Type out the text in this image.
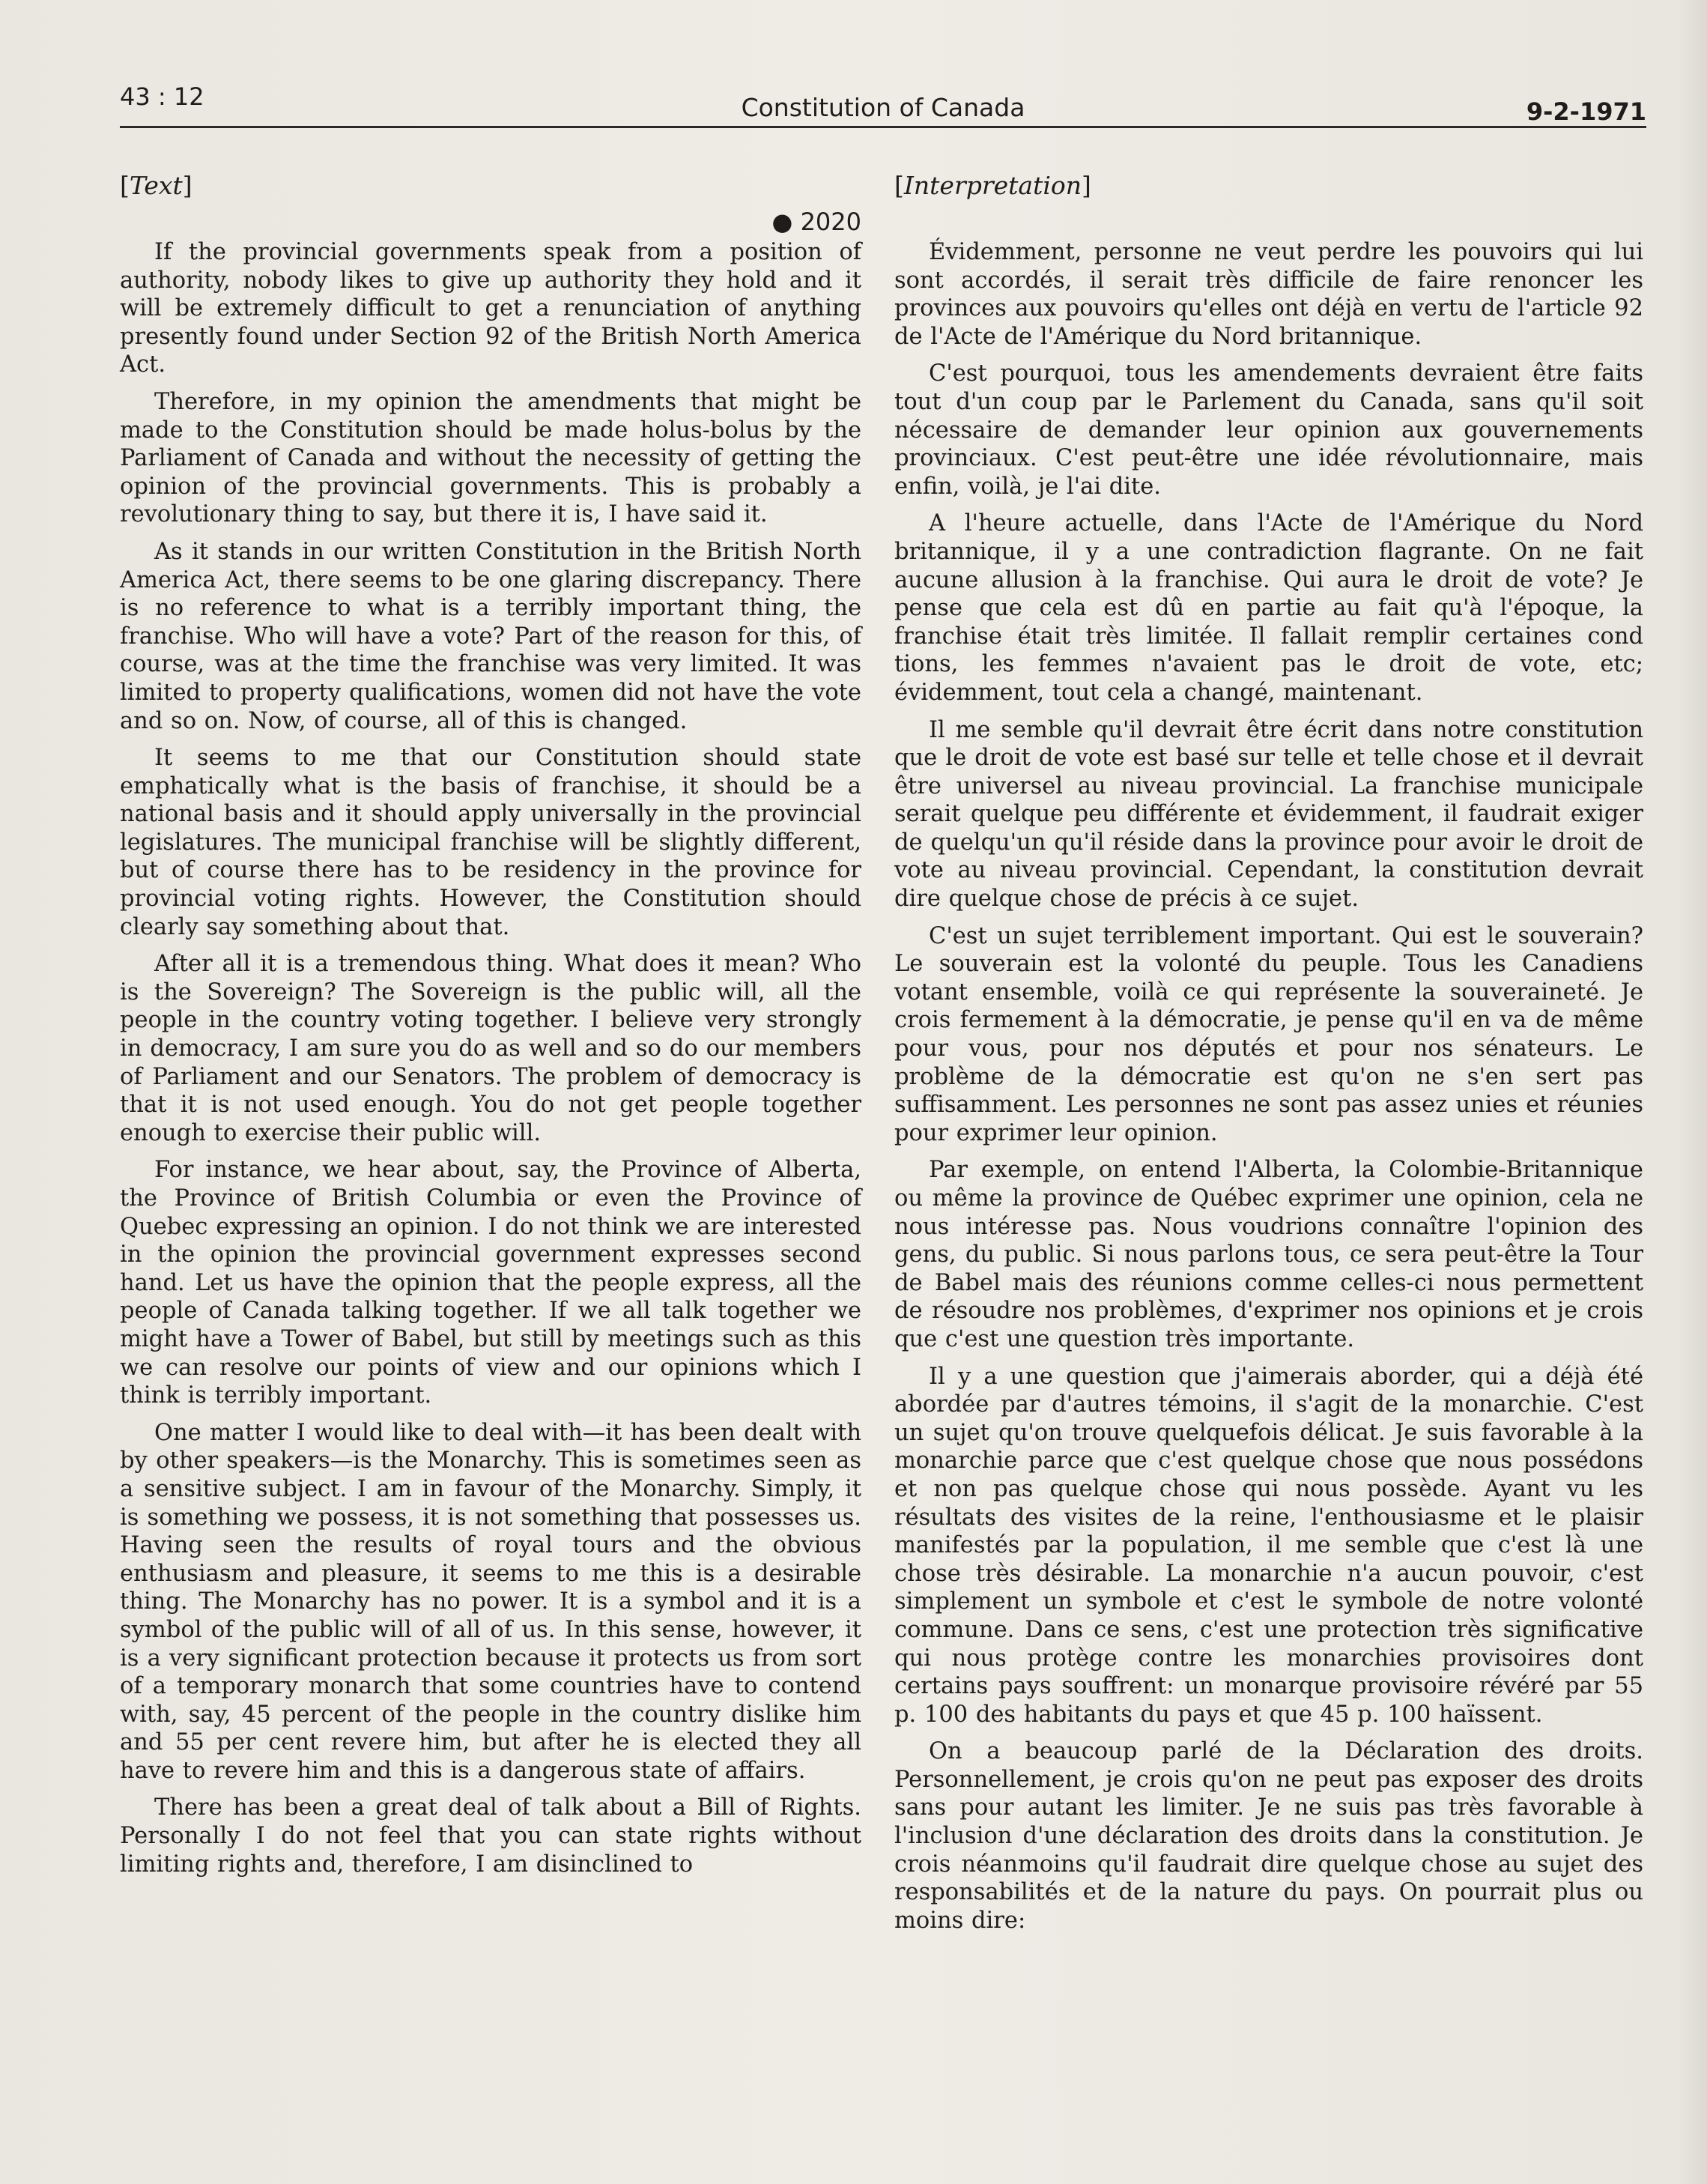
43 : 12	Constitution of Canada	9-2-1971
[Text]
● 2020

If the provincial governments speak from a position of authority, nobody likes to give up authority they hold and it will be extremely difficult to get a renunciation of anything presently found under Section 92 of the British North America Act.

Therefore, in my opinion the amendments that might be made to the Constitution should be made holus-bolus by the Parliament of Canada and without the necessity of getting the opinion of the provincial governments. This is probably a revolutionary thing to say, but there it is, I have said it.

As it stands in our written Constitution in the British North America Act, there seems to be one glaring discrepancy. There is no reference to what is a terribly important thing, the franchise. Who will have a vote? Part of the reason for this, of course, was at the time the franchise was very limited. It was limited to property qualifications, women did not have the vote and so on. Now, of course, all of this is changed.

It seems to me that our Constitution should state emphatically what is the basis of franchise, it should be a national basis and it should apply universally in the provincial legislatures. The municipal franchise will be slightly different, but of course there has to be residency in the province for provincial voting rights. However, the Constitution should clearly say something about that.

After all it is a tremendous thing. What does it mean? Who is the Sovereign? The Sovereign is the public will, all the people in the country voting together. I believe very strongly in democracy, I am sure you do as well and so do our members of Parliament and our Senators. The problem of democracy is that it is not used enough. You do not get people together enough to exercise their public will.

For instance, we hear about, say, the Province of Alberta, the Province of British Columbia or even the Province of Quebec expressing an opinion. I do not think we are interested in the opinion the provincial government expresses second hand. Let us have the opinion that the people express, all the people of Canada talking together. If we all talk together we might have a Tower of Babel, but still by meetings such as this we can resolve our points of view and our opinions which I think is terribly important.

One matter I would like to deal with—it has been dealt with by other speakers—is the Monarchy. This is sometimes seen as a sensitive subject. I am in favour of the Monarchy. Simply, it is something we possess, it is not something that possesses us. Having seen the results of royal tours and the obvious enthusiasm and pleasure, it seems to me this is a desirable thing. The Monarchy has no power. It is a symbol and it is a symbol of the public will of all of us. In this sense, however, it is a very significant protection because it protects us from sort of a temporary monarch that some countries have to contend with, say, 45 percent of the people in the country dislike him and 55 per cent revere him, but after he is elected they all have to revere him and this is a dangerous state of affairs.

There has been a great deal of talk about a Bill of Rights. Personally I do not feel that you can state rights without limiting rights and, therefore, I am disinclined to

[Interpretation]

Évidemment, personne ne veut perdre les pouvoirs qui lui sont accordés, il serait très difficile de faire renoncer les provinces aux pouvoirs qu'elles ont déjà en vertu de l'article 92 de l'Acte de l'Amérique du Nord britannique.

C'est pourquoi, tous les amendements devraient être faits tout d'un coup par le Parlement du Canada, sans qu'il soit nécessaire de demander leur opinion aux gouvernements provinciaux. C'est peut-être une idée révolutionnaire, mais enfin, voilà, je l'ai dite.

A l'heure actuelle, dans l'Acte de l'Amérique du Nord britannique, il y a une contradiction flagrante. On ne fait aucune allusion à la franchise. Qui aura le droit de vote? Je pense que cela est dû en partie au fait qu'à l'époque, la franchise était très limitée. Il fallait remplir certaines cond tions, les femmes n'avaient pas le droit de vote, etc; évidemment, tout cela a changé, maintenant.

Il me semble qu'il devrait être écrit dans notre constitution que le droit de vote est basé sur telle et telle chose et il devrait être universel au niveau provincial. La franchise municipale serait quelque peu différente et évidemment, il faudrait exiger de quelqu'un qu'il réside dans la province pour avoir le droit de vote au niveau provincial. Cependant, la constitution devrait dire quelque chose de précis à ce sujet.

C'est un sujet terriblement important. Qui est le souverain? Le souverain est la volonté du peuple. Tous les Canadiens votant ensemble, voilà ce qui représente la souveraineté. Je crois fermement à la démocratie, je pense qu'il en va de même pour vous, pour nos députés et pour nos sénateurs. Le problème de la démocratie est qu'on ne s'en sert pas suffisamment. Les personnes ne sont pas assez unies et réunies pour exprimer leur opinion.

Par exemple, on entend l'Alberta, la Colombie-Britannique ou même la province de Québec exprimer une opinion, cela ne nous intéresse pas. Nous voudrions connaître l'opinion des gens, du public. Si nous parlons tous, ce sera peut-être la Tour de Babel mais des réunions comme celles-ci nous permettent de résoudre nos problèmes, d'exprimer nos opinions et je crois que c'est une question très importante.

Il y a une question que j'aimerais aborder, qui a déjà été abordée par d'autres témoins, il s'agit de la monarchie. C'est un sujet qu'on trouve quelquefois délicat. Je suis favorable à la monarchie parce que c'est quelque chose que nous possédons et non pas quelque chose qui nous possède. Ayant vu les résultats des visites de la reine, l'enthousiasme et le plaisir manifestés par la population, il me semble que c'est là une chose très désirable. La monarchie n'a aucun pouvoir, c'est simplement un symbole et c'est le symbole de notre volonté commune. Dans ce sens, c'est une protection très significative qui nous protège contre les monarchies provisoires dont certains pays souffrent: un monarque provisoire révéré par 55 p. 100 des habitants du pays et que 45 p. 100 haïssent.

On a beaucoup parlé de la Déclaration des droits. Personnellement, je crois qu'on ne peut pas exposer des droits sans pour autant les limiter. Je ne suis pas très favorable à l'inclusion d'une déclaration des droits dans la constitution. Je crois néanmoins qu'il faudrait dire quelque chose au sujet des responsabilités et de la nature du pays. On pourrait plus ou moins dire:
